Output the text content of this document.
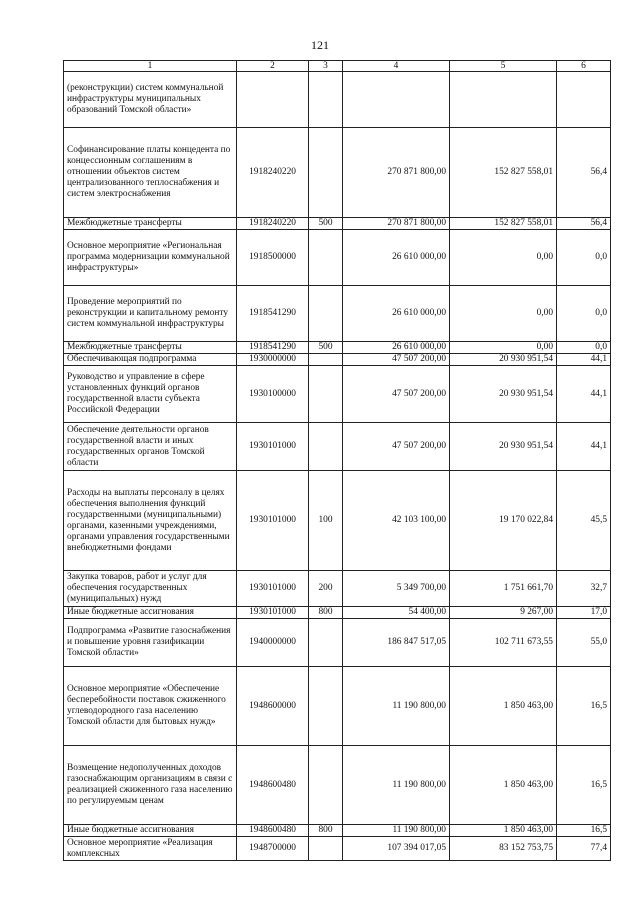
121
1	2	3	4	5	6
(реконструкции) систем коммунальной инфраструктуры муниципальных образований Томской области»					
Софинансирование платы концедента по концессионным соглашениям в отношении объектов систем централизованного теплоснабжения и систем электроснабжения	1918240220		270 871 800,00	152 827 558,01	56,4
Межбюджетные трансферты	1918240220	500	270 871 800,00	152 827 558,01	56,4
Основное мероприятие «Региональная программа модернизации коммунальной инфраструктуры»	1918500000		26 610 000,00	0,00	0,0
Проведение мероприятий по реконструкции и капитальному ремонту систем коммунальной инфраструктуры	1918541290		26 610 000,00	0,00	0,0
Межбюджетные трансферты	1918541290	500	26 610 000,00	0,00	0,0
Обеспечивающая подпрограмма	1930000000		47 507 200,00	20 930 951,54	44,1
Руководство и управление в сфере установленных функций органов государственной власти субъекта Российской Федерации	1930100000		47 507 200,00	20 930 951,54	44,1
Обеспечение деятельности органов государственной власти и иных государственных органов Томской области	1930101000		47 507 200,00	20 930 951,54	44,1
Расходы на выплаты персоналу в целях обеспечения выполнения функций государственными (муниципальными) органами, казенными учреждениями, органами управления государственными внебюджетными фондами	1930101000	100	42 103 100,00	19 170 022,84	45,5
Закупка товаров, работ и услуг для обеспечения государственных (муниципальных) нужд	1930101000	200	5 349 700,00	1 751 661,70	32,7
Иные бюджетные ассигнования	1930101000	800	54 400,00	9 267,00	17,0
Подпрограмма «Развитие газоснабжения и повышение уровня газификации Томской области»	1940000000		186 847 517,05	102 711 673,55	55,0
Основное мероприятие «Обеспечение бесперебойности поставок сжиженного углеводородного газа населению Томской области для бытовых нужд»	1948600000		11 190 800,00	1 850 463,00	16,5
Возмещение недополученных доходов газоснабжающим организациям в связи с реализацией сжиженного газа населению по регулируемым ценам	1948600480		11 190 800,00	1 850 463,00	16,5
Иные бюджетные ассигнования	1948600480	800	11 190 800,00	1 850 463,00	16,5
Основное мероприятие «Реализация комплексных	1948700000		107 394 017,05	83 152 753,75	77,4
